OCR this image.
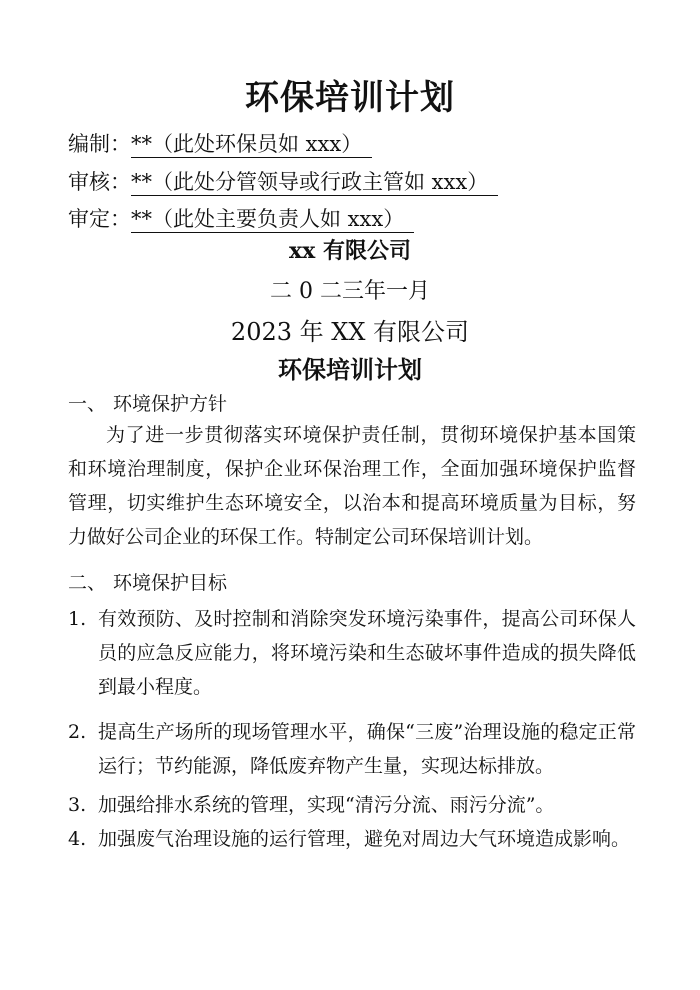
环保培训计划
编制：**（此处环保员如 xxx）
审核：**（此处分管领导或行政主管如 xxx）
审定：**（此处主要负责人如 xxx）
xx 有限公司
二 0 二三年一月
2023 年 XX 有限公司
环保培训计划
一、 环境保护方针
为了进一步贯彻落实环境保护责任制，贯彻环境保护基本国策和环境治理制度，保护企业环保治理工作，全面加强环境保护监督管理，切实维护生态环境安全，以治本和提高环境质量为目标，努力做好公司企业的环保工作。特制定公司环保培训计划。
二、 环境保护目标
1. 有效预防、及时控制和消除突发环境污染事件，提高公司环保人员的应急反应能力，将环境污染和生态破坏事件造成的损失降低到最小程度。
2. 提高生产场所的现场管理水平，确保“三废”治理设施的稳定正常运行；节约能源，降低废弃物产生量，实现达标排放。
3. 加强给排水系统的管理，实现“清污分流、雨污分流”。
4. 加强废气治理设施的运行管理，避免对周边大气环境造成影响。
